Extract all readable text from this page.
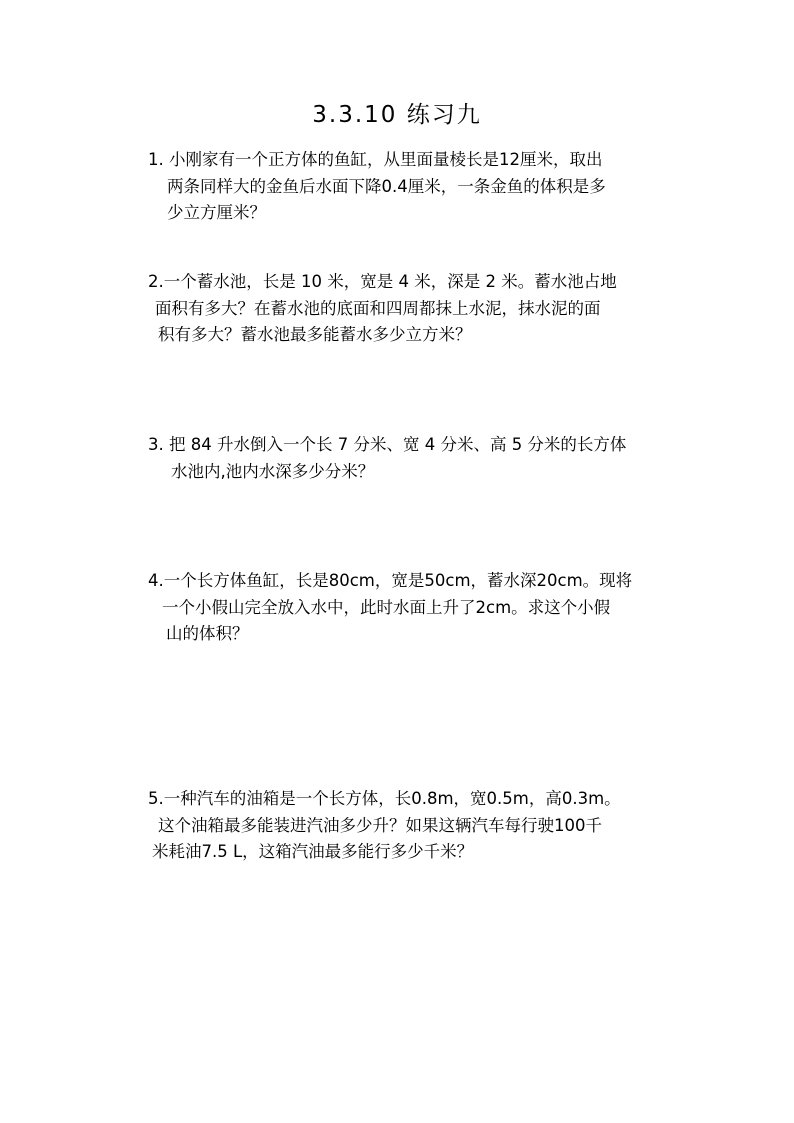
3.3.10 练习九
1. 小刚家有一个正方体的鱼缸，从里面量棱长是12厘米，取出
两条同样大的金鱼后水面下降0.4厘米，一条金鱼的体积是多
少立方厘米？
2.一个蓄水池，长是 10 米，宽是 4 米，深是 2 米。蓄水池占地
面积有多大？在蓄水池的底面和四周都抹上水泥，抹水泥的面
积有多大？蓄水池最多能蓄水多少立方米？
3. 把 84 升水倒入一个长 7 分米、宽 4 分米、高 5 分米的长方体
水池内,池内水深多少分米？
4.一个长方体鱼缸，长是80cm，宽是50cm，蓄水深20cm。现将
一个小假山完全放入水中，此时水面上升了2cm。求这个小假
山的体积？
5.一种汽车的油箱是一个长方体，长0.8m，宽0.5m，高0.3m。
这个油箱最多能装进汽油多少升？如果这辆汽车每行驶100千
米耗油7.5 L，这箱汽油最多能行多少千米？
